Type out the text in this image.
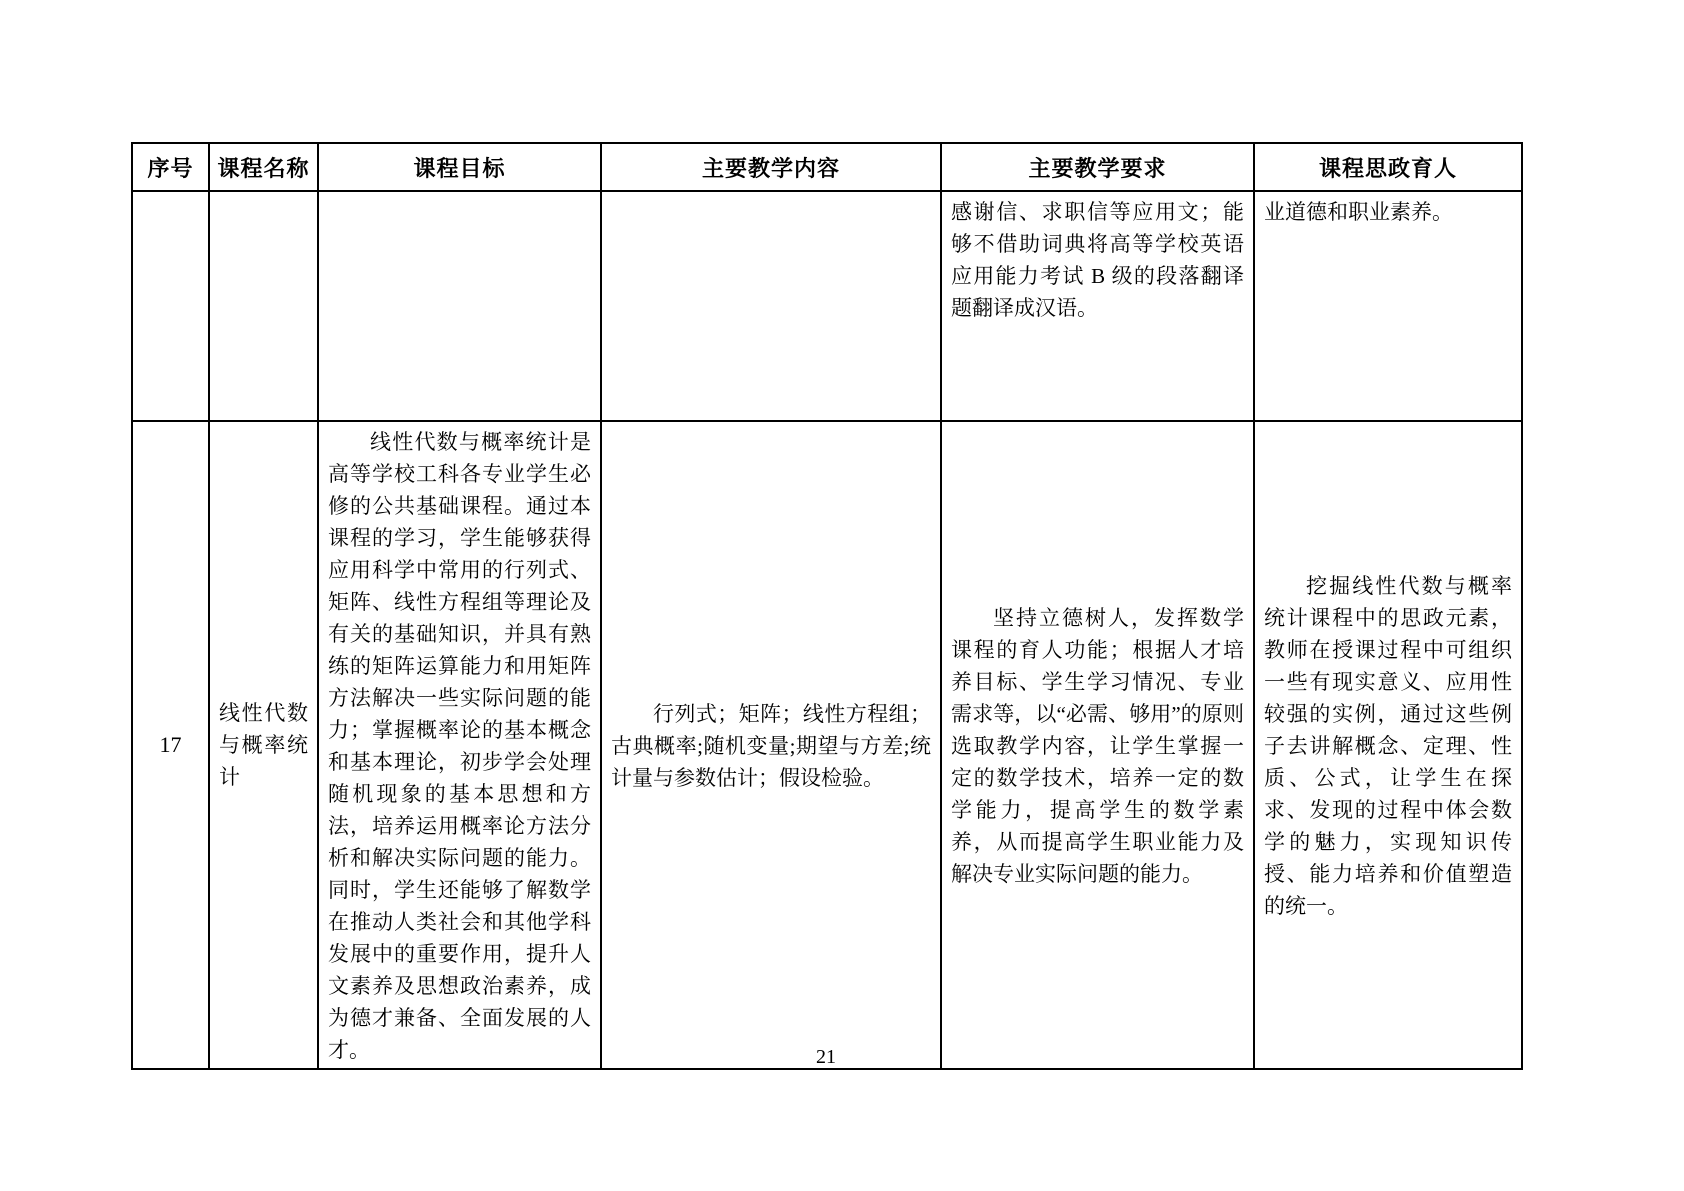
序号	课程名称	课程目标	主要教学内容	主要教学要求	课程思政育人

				感谢信、求职信等应用文；能够不借助词典将高等学校英语应用能力考试 B 级的段落翻译题翻译成汉语。	业道德和职业素养。

17	线性代数与概率统计	线性代数与概率统计是高等学校工科各专业学生必修的公共基础课程。通过本课程的学习，学生能够获得应用科学中常用的行列式、矩阵、线性方程组等理论及有关的基础知识，并具有熟练的矩阵运算能力和用矩阵方法解决一些实际问题的能力；掌握概率论的基本概念和基本理论，初步学会处理随机现象的基本思想和方法，培养运用概率论方法分析和解决实际问题的能力。同时，学生还能够了解数学在推动人类社会和其他学科发展中的重要作用，提升人文素养及思想政治素养，成为德才兼备、全面发展的人才。	行列式；矩阵；线性方程组；古典概率;随机变量;期望与方差;统计量与参数估计；假设检验。	坚持立德树人，发挥数学课程的育人功能；根据人才培养目标、学生学习情况、专业需求等，以“必需、够用”的原则选取教学内容，让学生掌握一定的数学技术，培养一定的数学能力，提高学生的数学素养，从而提高学生职业能力及解决专业实际问题的能力。	挖掘线性代数与概率统计课程中的思政元素，教师在授课过程中可组织一些有现实意义、应用性较强的实例，通过这些例子去讲解概念、定理、性质、公式，让学生在探求、发现的过程中体会数学的魅力，实现知识传授、能力培养和价值塑造的统一。
21
